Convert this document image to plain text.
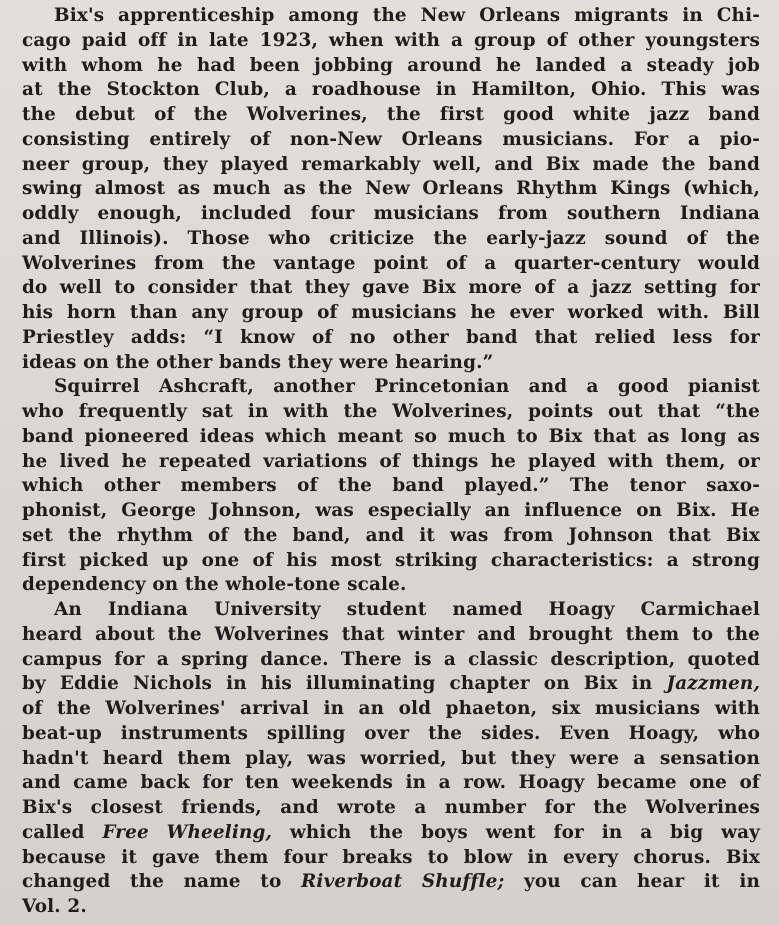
Bix's apprenticeship among the New Orleans migrants in Chi-
cago paid off in late 1923, when with a group of other youngsters
with whom he had been jobbing around he landed a steady job
at the Stockton Club, a roadhouse in Hamilton, Ohio. This was
the debut of the Wolverines, the first good white jazz band
consisting entirely of non-New Orleans musicians. For a pio-
neer group, they played remarkably well, and Bix made the band
swing almost as much as the New Orleans Rhythm Kings (which,
oddly enough, included four musicians from southern Indiana
and Illinois). Those who criticize the early-jazz sound of the
Wolverines from the vantage point of a quarter-century would
do well to consider that they gave Bix more of a jazz setting for
his horn than any group of musicians he ever worked with. Bill
Priestley adds: “I know of no other band that relied less for
ideas on the other bands they were hearing.”
Squirrel Ashcraft, another Princetonian and a good pianist
who frequently sat in with the Wolverines, points out that “the
band pioneered ideas which meant so much to Bix that as long as
he lived he repeated variations of things he played with them, or
which other members of the band played.” The tenor saxo-
phonist, George Johnson, was especially an influence on Bix. He
set the rhythm of the band, and it was from Johnson that Bix
first picked up one of his most striking characteristics: a strong
dependency on the whole-tone scale.
An Indiana University student named Hoagy Carmichael
heard about the Wolverines that winter and brought them to the
campus for a spring dance. There is a classic description, quoted
by Eddie Nichols in his illuminating chapter on Bix in Jazzmen,
of the Wolverines' arrival in an old phaeton, six musicians with
beat-up instruments spilling over the sides. Even Hoagy, who
hadn't heard them play, was worried, but they were a sensation
and came back for ten weekends in a row. Hoagy became one of
Bix's closest friends, and wrote a number for the Wolverines
called Free Wheeling, which the boys went for in a big way
because it gave them four breaks to blow in every chorus. Bix
changed the name to Riverboat Shuffle; you can hear it in
Vol. 2.
